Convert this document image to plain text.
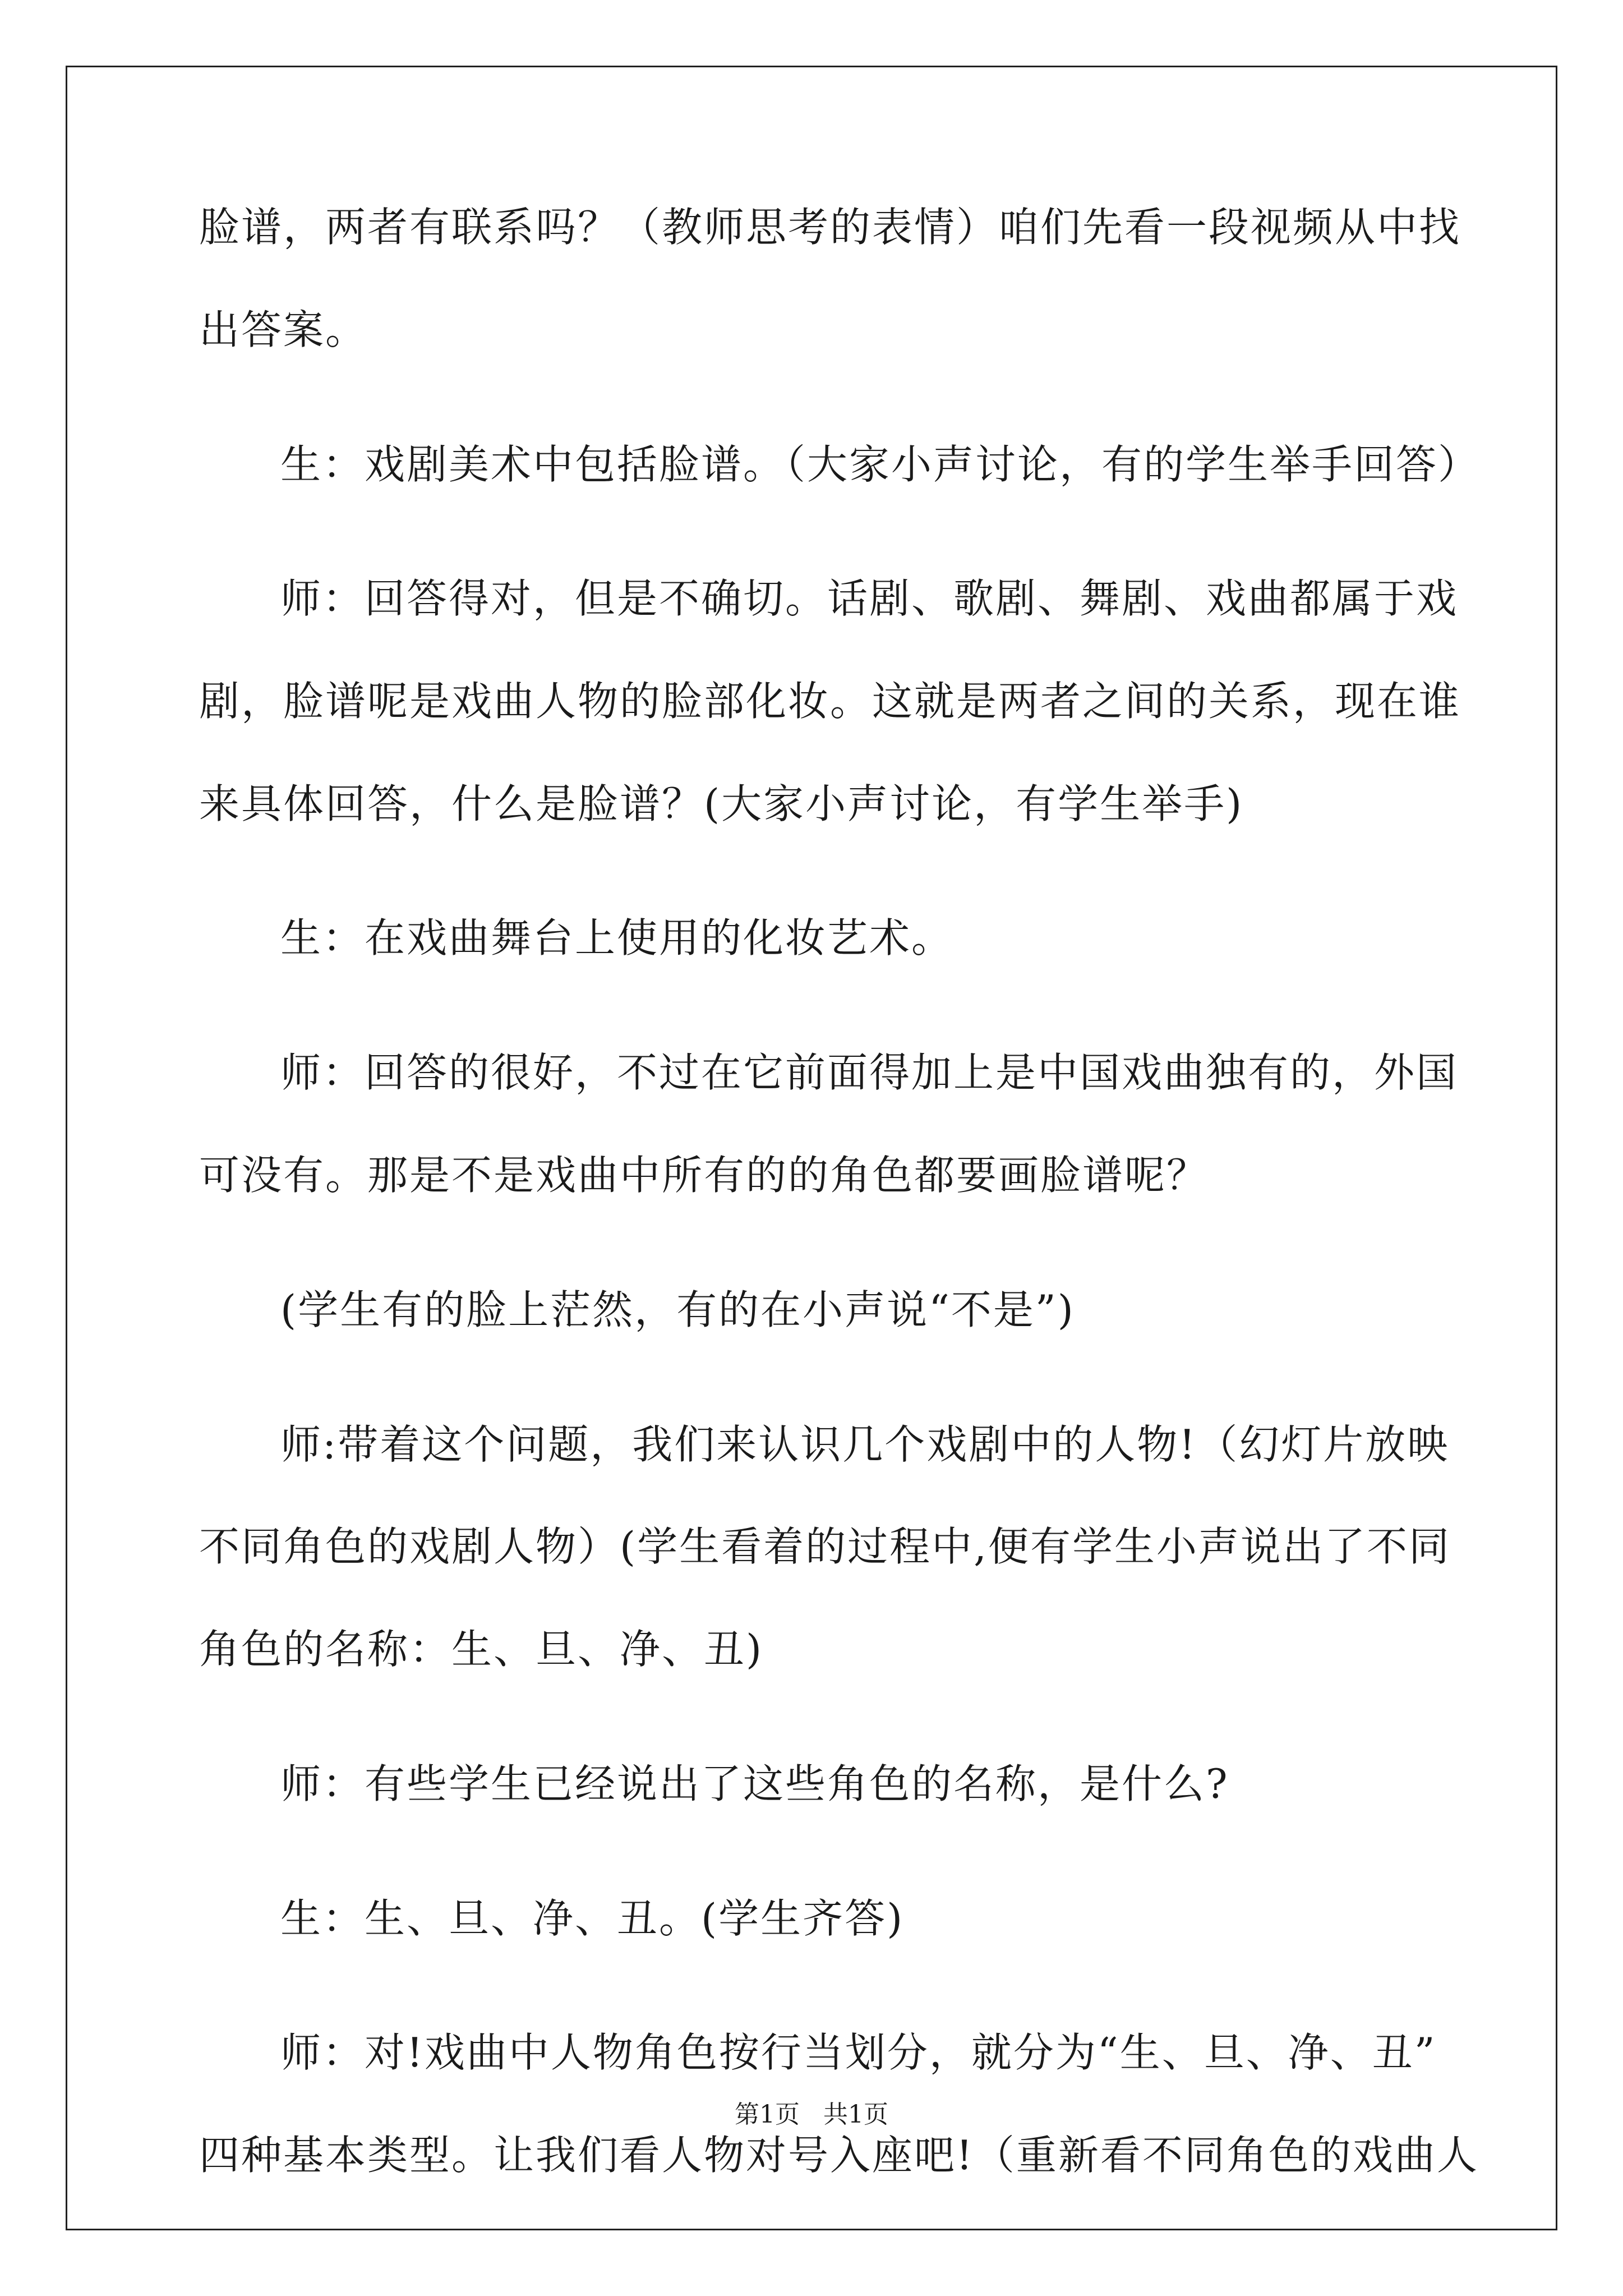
脸谱，两者有联系吗？（教师思考的表情）咱们先看一段视频从中找
出答案。
生：戏剧美术中包括脸谱。（大家小声讨论，有的学生举手回答）
师：回答得对，但是不确切。话剧、歌剧、舞剧、戏曲都属于戏
剧，脸谱呢是戏曲人物的脸部化妆。这就是两者之间的关系，现在谁
来具体回答，什么是脸谱？(大家小声讨论，有学生举手)
生：在戏曲舞台上使用的化妆艺术。
师：回答的很好，不过在它前面得加上是中国戏曲独有的，外国
可没有。那是不是戏曲中所有的的角色都要画脸谱呢？
(学生有的脸上茫然，有的在小声说“不是”)
师:带着这个问题，我们来认识几个戏剧中的人物!（幻灯片放映
不同角色的戏剧人物）(学生看着的过程中,便有学生小声说出了不同
角色的名称：生、旦、净、丑)
师：有些学生已经说出了这些角色的名称，是什么?
生：生、旦、净、丑。(学生齐答)
师：对!戏曲中人物角色按行当划分，就分为“生、旦、净、丑”
四种基本类型。让我们看人物对号入座吧!（重新看不同角色的戏曲人
第1页   共1页
